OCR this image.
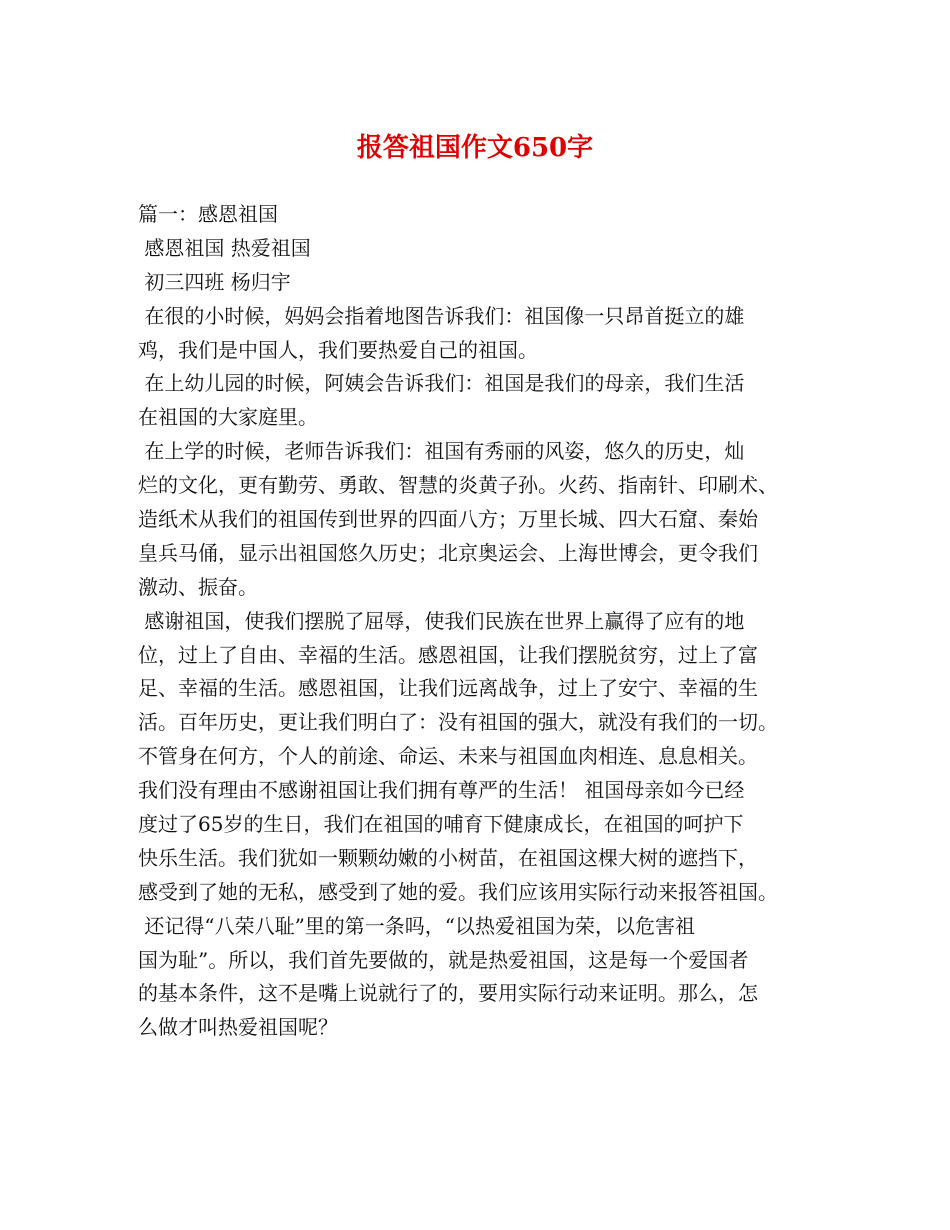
报答祖国作文650字
篇一：感恩祖国
感恩祖国 热爱祖国
初三四班 杨归宇
在很的小时候，妈妈会指着地图告诉我们：祖国像一只昂首挺立的雄
鸡，我们是中国人，我们要热爱自己的祖国。
在上幼儿园的时候，阿姨会告诉我们：祖国是我们的母亲，我们生活
在祖国的大家庭里。
在上学的时候，老师告诉我们：祖国有秀丽的风姿，悠久的历史，灿
烂的文化，更有勤劳、勇敢、智慧的炎黄子孙。火药、指南针、印刷术、
造纸术从我们的祖国传到世界的四面八方；万里长城、四大石窟、秦始
皇兵马俑，显示出祖国悠久历史；北京奥运会、上海世博会，更令我们
激动、振奋。
感谢祖国，使我们摆脱了屈辱，使我们民族在世界上赢得了应有的地
位，过上了自由、幸福的生活。感恩祖国，让我们摆脱贫穷，过上了富
足、幸福的生活。感恩祖国，让我们远离战争，过上了安宁、幸福的生
活。百年历史，更让我们明白了：没有祖国的强大，就没有我们的一切。
不管身在何方，个人的前途、命运、未来与祖国血肉相连、息息相关。
我们没有理由不感谢祖国让我们拥有尊严的生活！ 祖国母亲如今已经
度过了65岁的生日，我们在祖国的哺育下健康成长，在祖国的呵护下
快乐生活。我们犹如一颗颗幼嫩的小树苗，在祖国这棵大树的遮挡下，
感受到了她的无私，感受到了她的爱。我们应该用实际行动来报答祖国。
还记得“八荣八耻”里的第一条吗，“以热爱祖国为荣，以危害祖
国为耻”。所以，我们首先要做的，就是热爱祖国，这是每一个爱国者
的基本条件，这不是嘴上说就行了的，要用实际行动来证明。那么，怎
么做才叫热爱祖国呢？
